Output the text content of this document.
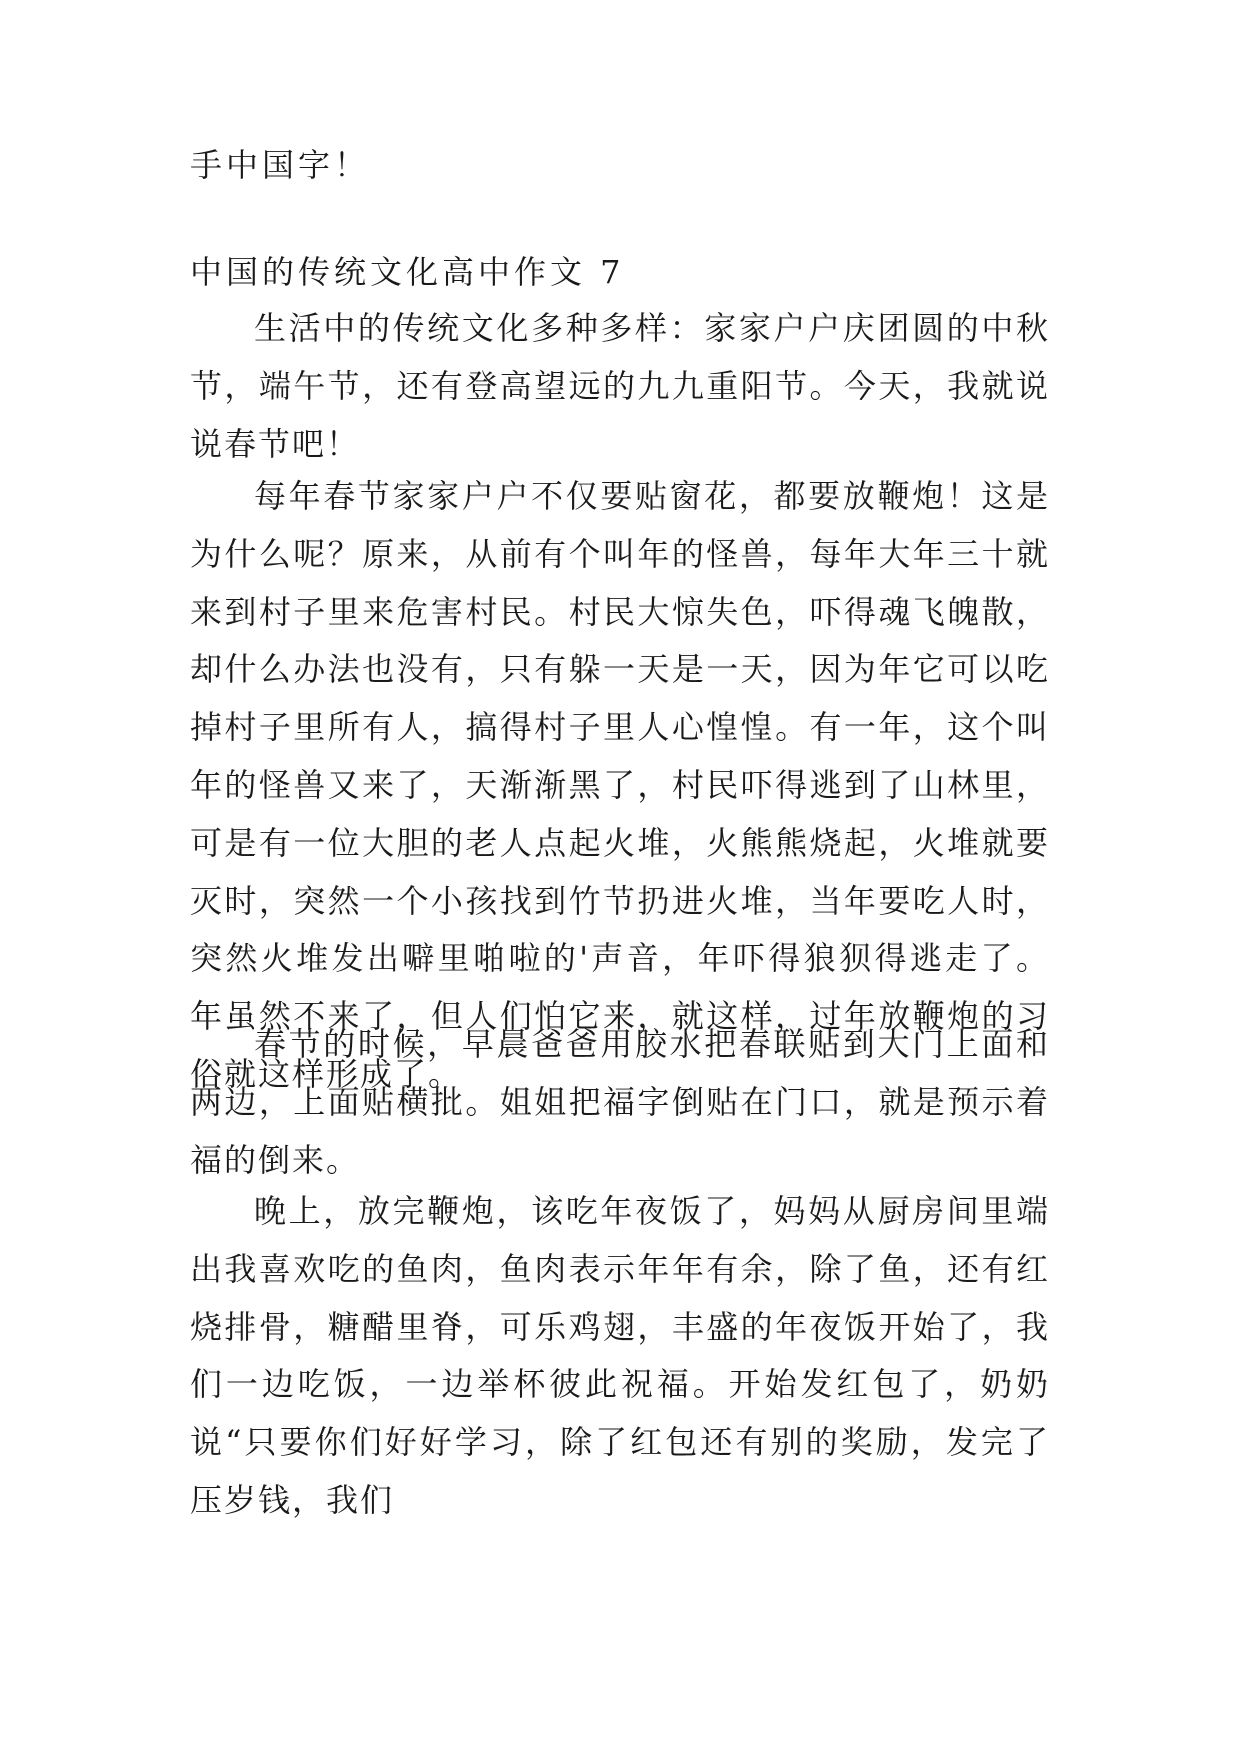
手中国字！

中国的传统文化高中作文 7

生活中的传统文化多种多样：家家户户庆团圆的中秋节，端午节，还有登高望远的九九重阳节。今天，我就说说春节吧！

每年春节家家户户不仅要贴窗花，都要放鞭炮！这是为什么呢？原来，从前有个叫年的怪兽，每年大年三十就来到村子里来危害村民。村民大惊失色，吓得魂飞魄散，却什么办法也没有，只有躲一天是一天，因为年它可以吃掉村子里所有人，搞得村子里人心惶惶。有一年，这个叫年的怪兽又来了，天渐渐黑了，村民吓得逃到了山林里，可是有一位大胆的老人点起火堆，火熊熊烧起，火堆就要灭时，突然一个小孩找到竹节扔进火堆，当年要吃人时，突然火堆发出噼里啪啦的'声音，年吓得狼狈得逃走了。年虽然不来了，但人们怕它来，就这样，过年放鞭炮的习俗就这样形成了。

春节的时候，早晨爸爸用胶水把春联贴到大门上面和两边，上面贴横批。姐姐把福字倒贴在门口，就是预示着福的倒来。

晚上，放完鞭炮，该吃年夜饭了，妈妈从厨房间里端出我喜欢吃的鱼肉，鱼肉表示年年有余，除了鱼，还有红烧排骨，糖醋里脊，可乐鸡翅，丰盛的年夜饭开始了，我们一边吃饭，一边举杯彼此祝福。开始发红包了，奶奶说“只要你们好好学习，除了红包还有别的奖励，发完了压岁钱，我们
